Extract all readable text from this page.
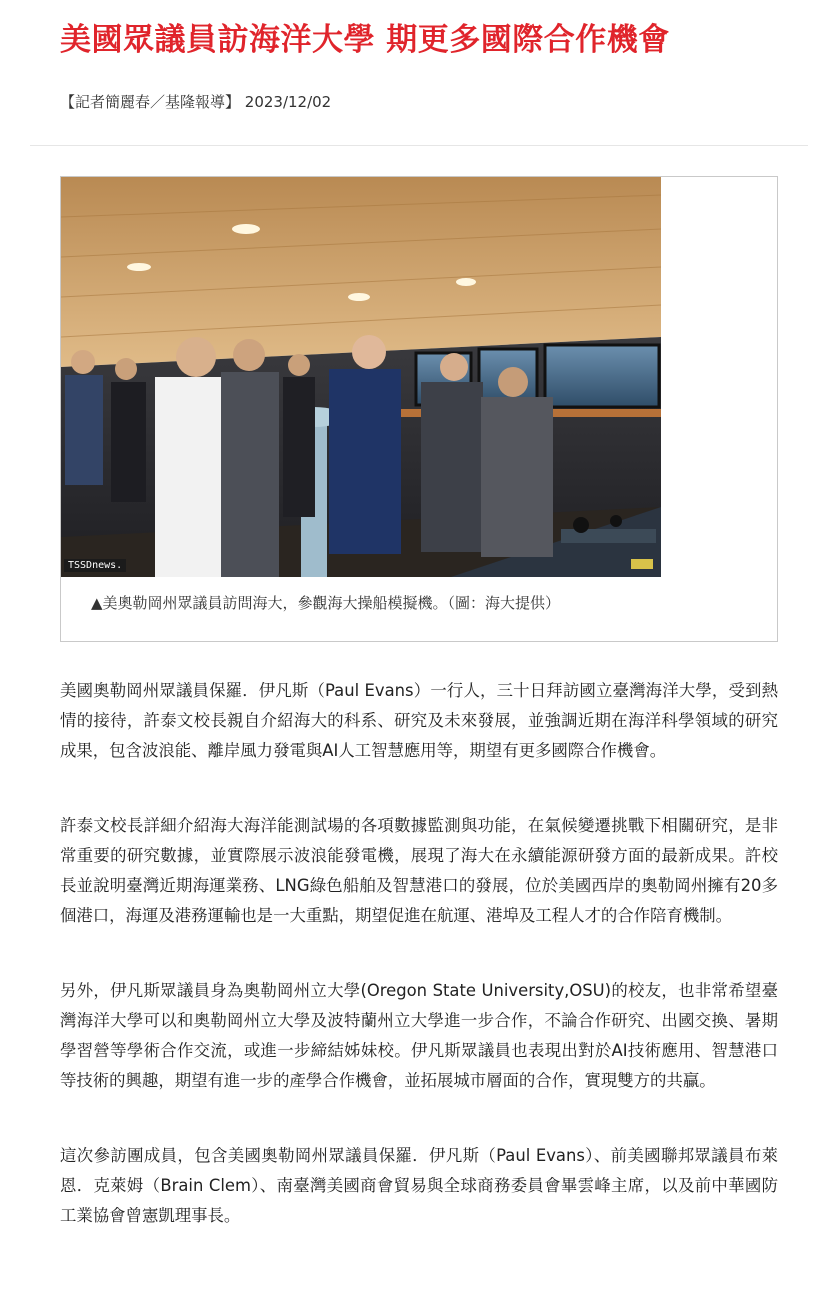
美國眾議員訪海洋大學 期更多國際合作機會
【記者簡麗春／基隆報導】 2023/12/02
TSSDnews.
▲美奧勒岡州眾議員訪問海大，參觀海大操船模擬機。（圖：海大提供）

美國奧勒岡州眾議員保羅．伊凡斯（Paul Evans）一行人，三十日拜訪國立臺灣海洋大學，受到熱情的接待，許泰文校長親自介紹海大的科系、研究及未來發展，並強調近期在海洋科學領域的研究成果，包含波浪能、離岸風力發電與AI人工智慧應用等，期望有更多國際合作機會。

許泰文校長詳細介紹海大海洋能測試場的各項數據監測與功能，在氣候變遷挑戰下相關研究，是非常重要的研究數據，並實際展示波浪能發電機，展現了海大在永續能源研發方面的最新成果。許校長並說明臺灣近期海運業務、LNG綠色船舶及智慧港口的發展，位於美國西岸的奧勒岡州擁有20多個港口，海運及港務運輸也是一大重點，期望促進在航運、港埠及工程人才的合作陪育機制。

另外，伊凡斯眾議員身為奧勒岡州立大學(Oregon State University,OSU)的校友，也非常希望臺灣海洋大學可以和奧勒岡州立大學及波特蘭州立大學進一步合作，不論合作研究、出國交換、暑期學習營等學術合作交流，或進一步締結姊妹校。伊凡斯眾議員也表現出對於AI技術應用、智慧港口等技術的興趣，期望有進一步的產學合作機會，並拓展城市層面的合作，實現雙方的共贏。

這次參訪團成員，包含美國奧勒岡州眾議員保羅．伊凡斯（Paul Evans）、前美國聯邦眾議員布萊恩．克萊姆（Brain Clem）、南臺灣美國商會貿易與全球商務委員會畢雲峰主席，以及前中華國防工業協會曾憲凱理事長。
